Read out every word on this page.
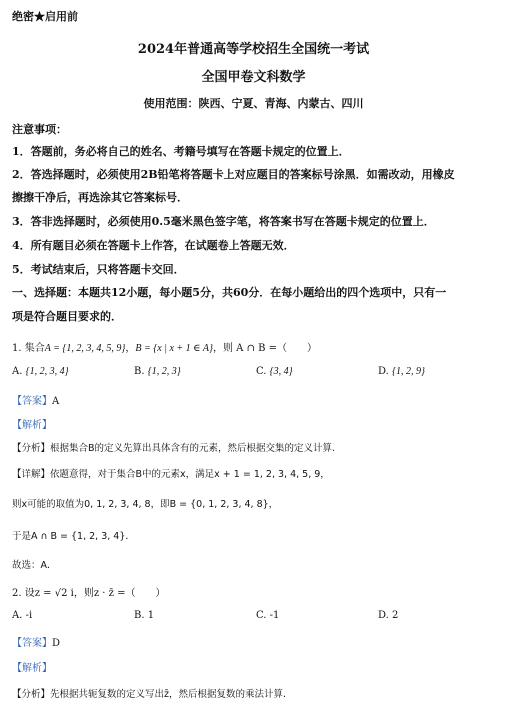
绝密★启用前
2024年普通高等学校招生全国统一考试
全国甲卷文科数学
使用范围：陕西、宁夏、青海、内蒙古、四川
注意事项：
1．答题前，务必将自己的姓名、考籍号填写在答题卡规定的位置上．
2．答选择题时，必须使用2B铅笔将答题卡上对应题目的答案标号涂黑．如需改动，用橡皮
擦擦干净后，再选涂其它答案标号．
3．答非选择题时，必须使用0.5毫米黑色签字笔，将答案书写在答题卡规定的位置上．
4．所有题目必须在答题卡上作答，在试题卷上答题无效．
5．考试结束后，只将答题卡交回．
一、选择题：本题共12小题，每小题5分，共60分．在每小题给出的四个选项中，只有一
项是符合题目要求的．
1. 集合A = {1, 2, 3, 4, 5, 9}，B = {x | x + 1 ∈ A}，则 A ∩ B =（　　）
A. {1, 2, 3, 4}	B. {1, 2, 3}	C. {3, 4}	D. {1, 2, 9}
【答案】A
【解析】
【分析】根据集合B的定义先算出具体含有的元素，然后根据交集的定义计算．
【详解】依题意得，对于集合B中的元素x，满足x + 1 = 1, 2, 3, 4, 5, 9，
则x可能的取值为0, 1, 2, 3, 4, 8，即B = {0, 1, 2, 3, 4, 8}，
于是A ∩ B = {1, 2, 3, 4}．
故选：A．
2. 设z = √2 i，则z · z̄ =（　　）
A. -i	B. 1	C. -1	D. 2
【答案】D
【解析】
【分析】先根据共轭复数的定义写出z̄，然后根据复数的乘法计算．
